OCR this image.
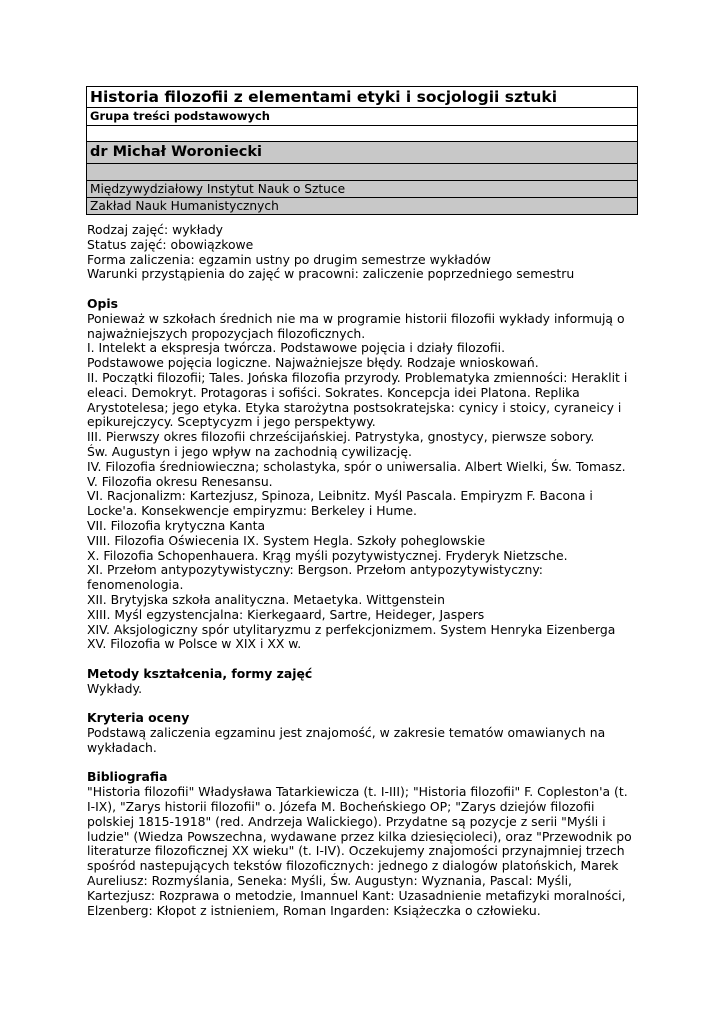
Historia filozofii z elementami etyki i socjologii sztuki
Grupa treści podstawowych
dr Michał Woroniecki
Międzywydziałowy Instytut Nauk o Sztuce
Zakład Nauk Humanistycznych

Rodzaj zajęć: wykłady

Status zajęć: obowiązkowe

Forma zaliczenia: egzamin ustny po drugim semestrze wykładów

Warunki przystąpienia do zajęć w pracowni: zaliczenie poprzedniego semestru

Opis

Ponieważ w szkołach średnich nie ma w programie historii filozofii wykłady informują o

najważniejszych propozycjach filozoficznych.

I. Intelekt a ekspresja twórcza. Podstawowe pojęcia i działy filozofii.

Podstawowe pojęcia logiczne. Najważniejsze błędy. Rodzaje wnioskowań.

II. Początki filozofii; Tales. Jońska filozofia przyrody. Problematyka zmienności: Heraklit i

eleaci. Demokryt. Protagoras i sofiści. Sokrates. Koncepcja idei Platona. Replika

Arystotelesa; jego etyka. Etyka starożytna postsokratejska: cynicy i stoicy, cyraneicy i

epikurejczycy. Sceptycyzm i jego perspektywy.

III. Pierwszy okres filozofii chrześcijańskiej. Patrystyka, gnostycy, pierwsze sobory.

Św. Augustyn i jego wpływ na zachodnią cywilizację.

IV. Filozofia średniowieczna; scholastyka, spór o uniwersalia. Albert Wielki, Św. Tomasz.

V. Filozofia okresu Renesansu.

VI. Racjonalizm: Kartezjusz, Spinoza, Leibnitz. Myśl Pascala. Empiryzm F. Bacona i

Locke'a. Konsekwencje empiryzmu: Berkeley i Hume.

VII. Filozofia krytyczna Kanta

VIII. Filozofia Oświecenia IX. System Hegla. Szkoły poheglowskie

X. Filozofia Schopenhauera. Krąg myśli pozytywistycznej. Fryderyk Nietzsche.

XI. Przełom antypozytywistyczny: Bergson. Przełom antypozytywistyczny:

fenomenologia.

XII. Brytyjska szkoła analityczna. Metaetyka. Wittgenstein

XIII. Myśl egzystencjalna: Kierkegaard, Sartre, Heideger, Jaspers

XIV. Aksjologiczny spór utylitaryzmu z perfekcjonizmem. System Henryka Eizenberga

XV. Filozofia w Polsce w XIX i XX w.

Metody kształcenia, formy zajęć

Wykłady.

Kryteria oceny

Podstawą zaliczenia egzaminu jest znajomość, w zakresie tematów omawianych na

wykładach.

Bibliografia

"Historia filozofii" Władysława Tatarkiewicza (t. I-III); "Historia filozofii" F. Copleston'a (t.

I-IX), "Zarys historii filozofii" o. Józefa M. Bocheńskiego OP; "Zarys dziejów filozofii

polskiej 1815-1918" (red. Andrzeja Walickiego). Przydatne są pozycje z serii "Myśli i

ludzie" (Wiedza Powszechna, wydawane przez kilka dziesięcioleci), oraz "Przewodnik po

literaturze filozoficznej XX wieku" (t. I-IV). Oczekujemy znajomości przynajmniej trzech

spośród nastepujących tekstów filozoficznych: jednego z dialogów platońskich, Marek

Aureliusz: Rozmyślania, Seneka: Myśli, Św. Augustyn: Wyznania, Pascal: Myśli,

Kartezjusz: Rozprawa o metodzie, Imannuel Kant: Uzasadnienie metafizyki moralności,

Elzenberg: Kłopot z istnieniem, Roman Ingarden: Książeczka o człowieku.
